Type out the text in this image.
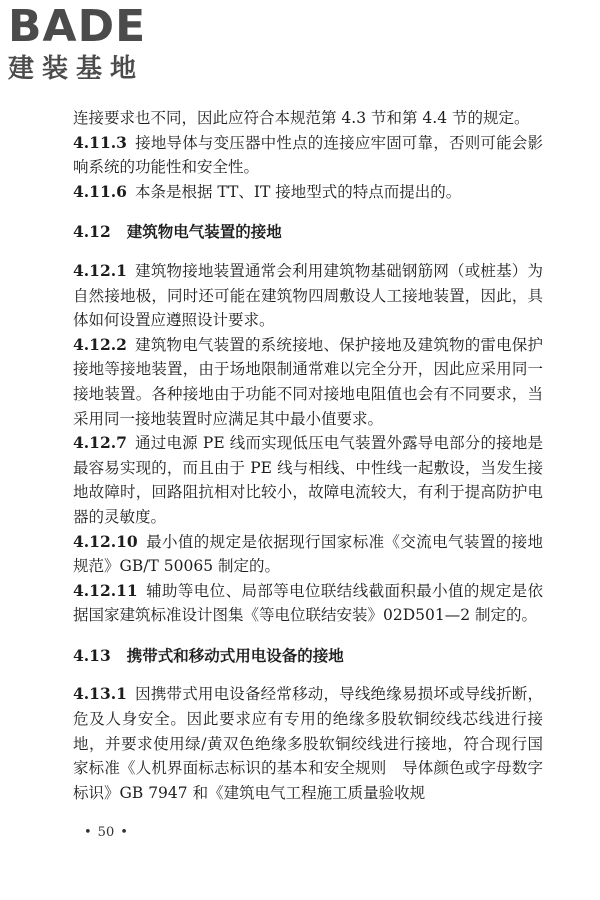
BADE
建装基地

连接要求也不同，因此应符合本规范第 4.3 节和第 4.4 节的规定。

4.11.3 接地导体与变压器中性点的连接应牢固可靠，否则可能会影响系统的功能性和安全性。

4.11.6 本条是根据 TT、IT 接地型式的特点而提出的。

4.12 建筑物电气装置的接地

4.12.1 建筑物接地装置通常会利用建筑物基础钢筋网（或桩基）为自然接地极，同时还可能在建筑物四周敷设人工接地装置，因此，具体如何设置应遵照设计要求。

4.12.2 建筑物电气装置的系统接地、保护接地及建筑物的雷电保护接地等接地装置，由于场地限制通常难以完全分开，因此应采用同一接地装置。各种接地由于功能不同对接地电阻值也会有不同要求，当采用同一接地装置时应满足其中最小值要求。

4.12.7 通过电源 PE 线而实现低压电气装置外露导电部分的接地是最容易实现的，而且由于 PE 线与相线、中性线一起敷设，当发生接地故障时，回路阻抗相对比较小，故障电流较大，有利于提高防护电器的灵敏度。

4.12.10 最小值的规定是依据现行国家标准《交流电气装置的接地规范》GB/T 50065 制定的。

4.12.11 辅助等电位、局部等电位联结线截面积最小值的规定是依据国家建筑标准设计图集《等电位联结安装》02D501—2 制定的。

4.13 携带式和移动式用电设备的接地

4.13.1 因携带式用电设备经常移动，导线绝缘易损坏或导线折断，危及人身安全。因此要求应有专用的绝缘多股软铜绞线芯线进行接地，并要求使用绿/黄双色绝缘多股软铜绞线进行接地，符合现行国家标准《人机界面标志标识的基本和安全规则　导体颜色或字母数字标识》GB 7947 和《建筑电气工程施工质量验收规

• 50 •
